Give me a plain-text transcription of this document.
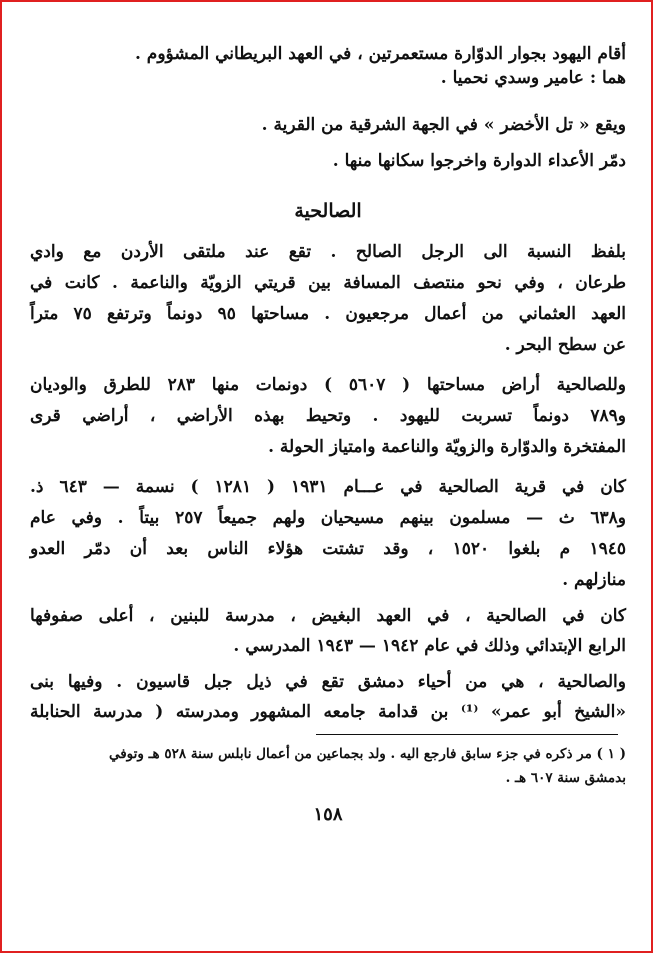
أقام اليهود بجوار الدوّارة مستعمرتين ، في العهد البريطاني المشؤوم .
هما : عامير وسدي نحميا .
ويقع « تل الأخضر » في الجهة الشرقية من القرية .
دمّر الأعداء الدوارة واخرجوا سكانها منها .
الصالحية
بلفظ النسبة الى الرجل الصالح . تقع عند ملتقى الأردن مع وادي
طرعان ، وفي نحو منتصف المسافة بين قريتي الزويّة والناعمة . كانت في
العهد العثماني من أعمال مرجعيون . مساحتها ٩٥ دونماً وترتفع ٧٥ متراً
عن سطح البحر .
وللصالحية أراض مساحتها ( ٥٦٠٧ ) دونمات منها ٢٨٣ للطرق والوديان
و٧٨٩ دونماً تسربت لليهود . وتحيط بهذه الأراضي ، أراضي قرى
المفتخرة والدوّارة والزويّة والناعمة وامتياز الحولة .
كان في قرية الصالحية في عـــام ١٩٣١ ( ١٢٨١ ) نسمة — ٦٤٣ ذ.
و٦٣٨ ث — مسلمون بينهم مسيحيان ولهم جميعاً ٢٥٧ بيتاً . وفي عام
١٩٤٥ م بلغوا ١٥٢٠ ، وقد تشتت هؤلاء الناس بعد أن دمّر العدو
منازلهم .
كان في الصالحية ، في العهد البغيض ، مدرسة للبنين ، أعلى صفوفها
الرابع الإبتدائي وذلك في عام ١٩٤٢ — ١٩٤٣ المدرسي .
والصالحية ، هي من أحياء دمشق تقع في ذيل جبل قاسيون . وفيها بنى
«الشيخ أبو عمر» ⁽¹⁾ بن قدامة جامعه المشهور ومدرسته ( مدرسة الحنابلة
( ١ ) مر ذكره في جزء سابق فارجع اليه . ولد بجماعين من أعمال نابلس سنة ٥٢٨ هـ وتوفي
بدمشق سنة ٦٠٧ هـ .
١٥٨
